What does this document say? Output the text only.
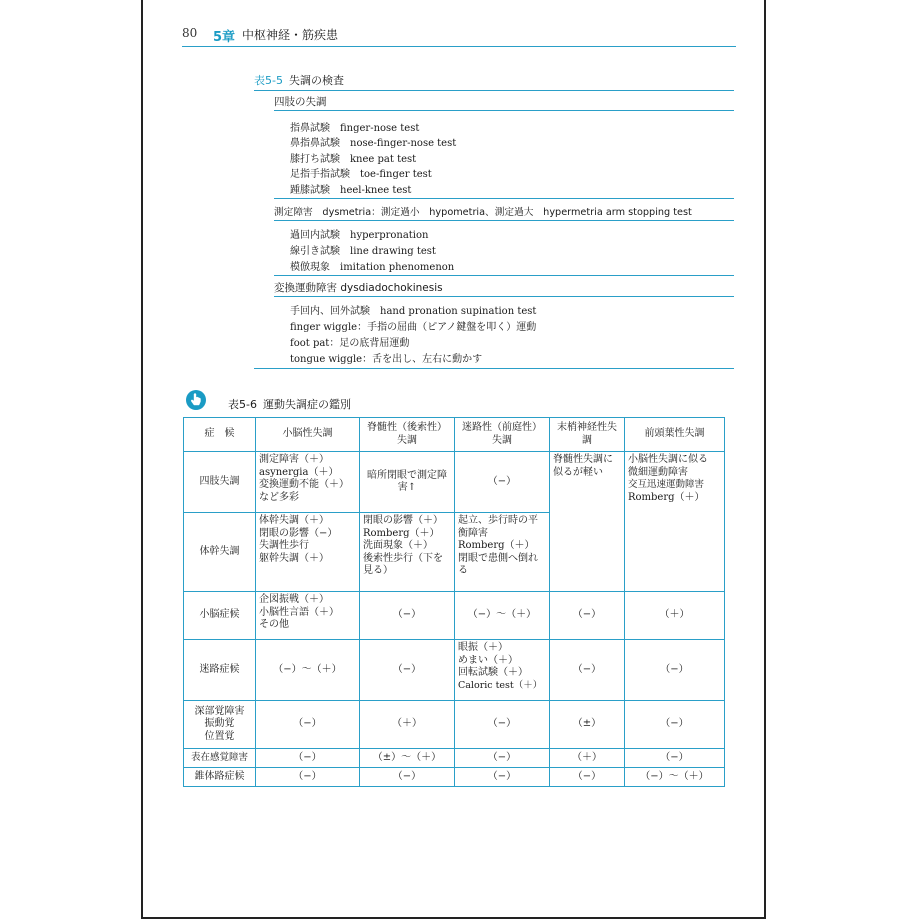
80 5章 中枢神経・筋疾患
表5-5 失調の検査
四肢の失調
指鼻試験　finger-nose test
鼻指鼻試験　nose-finger-nose test
膝打ち試験　knee pat test
足指手指試験　toe-finger test
踵膝試験　heel-knee test
測定障害　dysmetria：測定過小　hypometria、測定過大　hypermetria arm stopping test
過回内試験　hyperpronation
線引き試験　line drawing test
模倣現象　imitation phenomenon
変換運動障害 dysdiadochokinesis
手回内、回外試験　hand pronation supination test
finger wiggle：手指の屈曲（ピアノ鍵盤を叩く）運動
foot pat：足の底背屈運動
tongue wiggle：舌を出し、左右に動かす
表5-6 運動失調症の鑑別
症　候	小脳性失調	脊髄性（後索性）失調	迷路性（前庭性）失調	末梢神経性失調	前頭葉性失調
四肢失調	測定障害（＋）
asynergia（＋）
変換運動不能（＋）
など多彩	暗所閉眼で測定障害↑	（−）	脊髄性失調に似るが軽い	小脳性失調に似る
微細運動障害
交互迅速運動障害
Romberg（＋）

体幹失調	体幹失調（＋）
閉眼の影響（−）
失調性歩行
躯幹失調（＋）	閉眼の影響（＋）
Romberg（＋）
洗面現象（＋）
後索性歩行（下を見る）	起立、歩行時の平衡障害
Romberg（＋）
閉眼で患側へ倒れる		

小脳症候	企図振戦（＋）
小脳性言語（＋）
その他	（−）	（−）〜（＋）	（−）	（＋）
迷路症候	（−）〜（＋）	（−）	眼振（＋）
めまい（＋）
回転試験（＋）
Caloric test（＋）	（−）	（−）

深部覚障害
振動覚
位置覚	（−）	（＋）	（−）	（±）	（−）
表在感覚障害	（−）	（±）〜（＋）	（−）	（＋）	（−）
錐体路症候	（−）	（−）	（−）	（−）	（−）〜（＋）
